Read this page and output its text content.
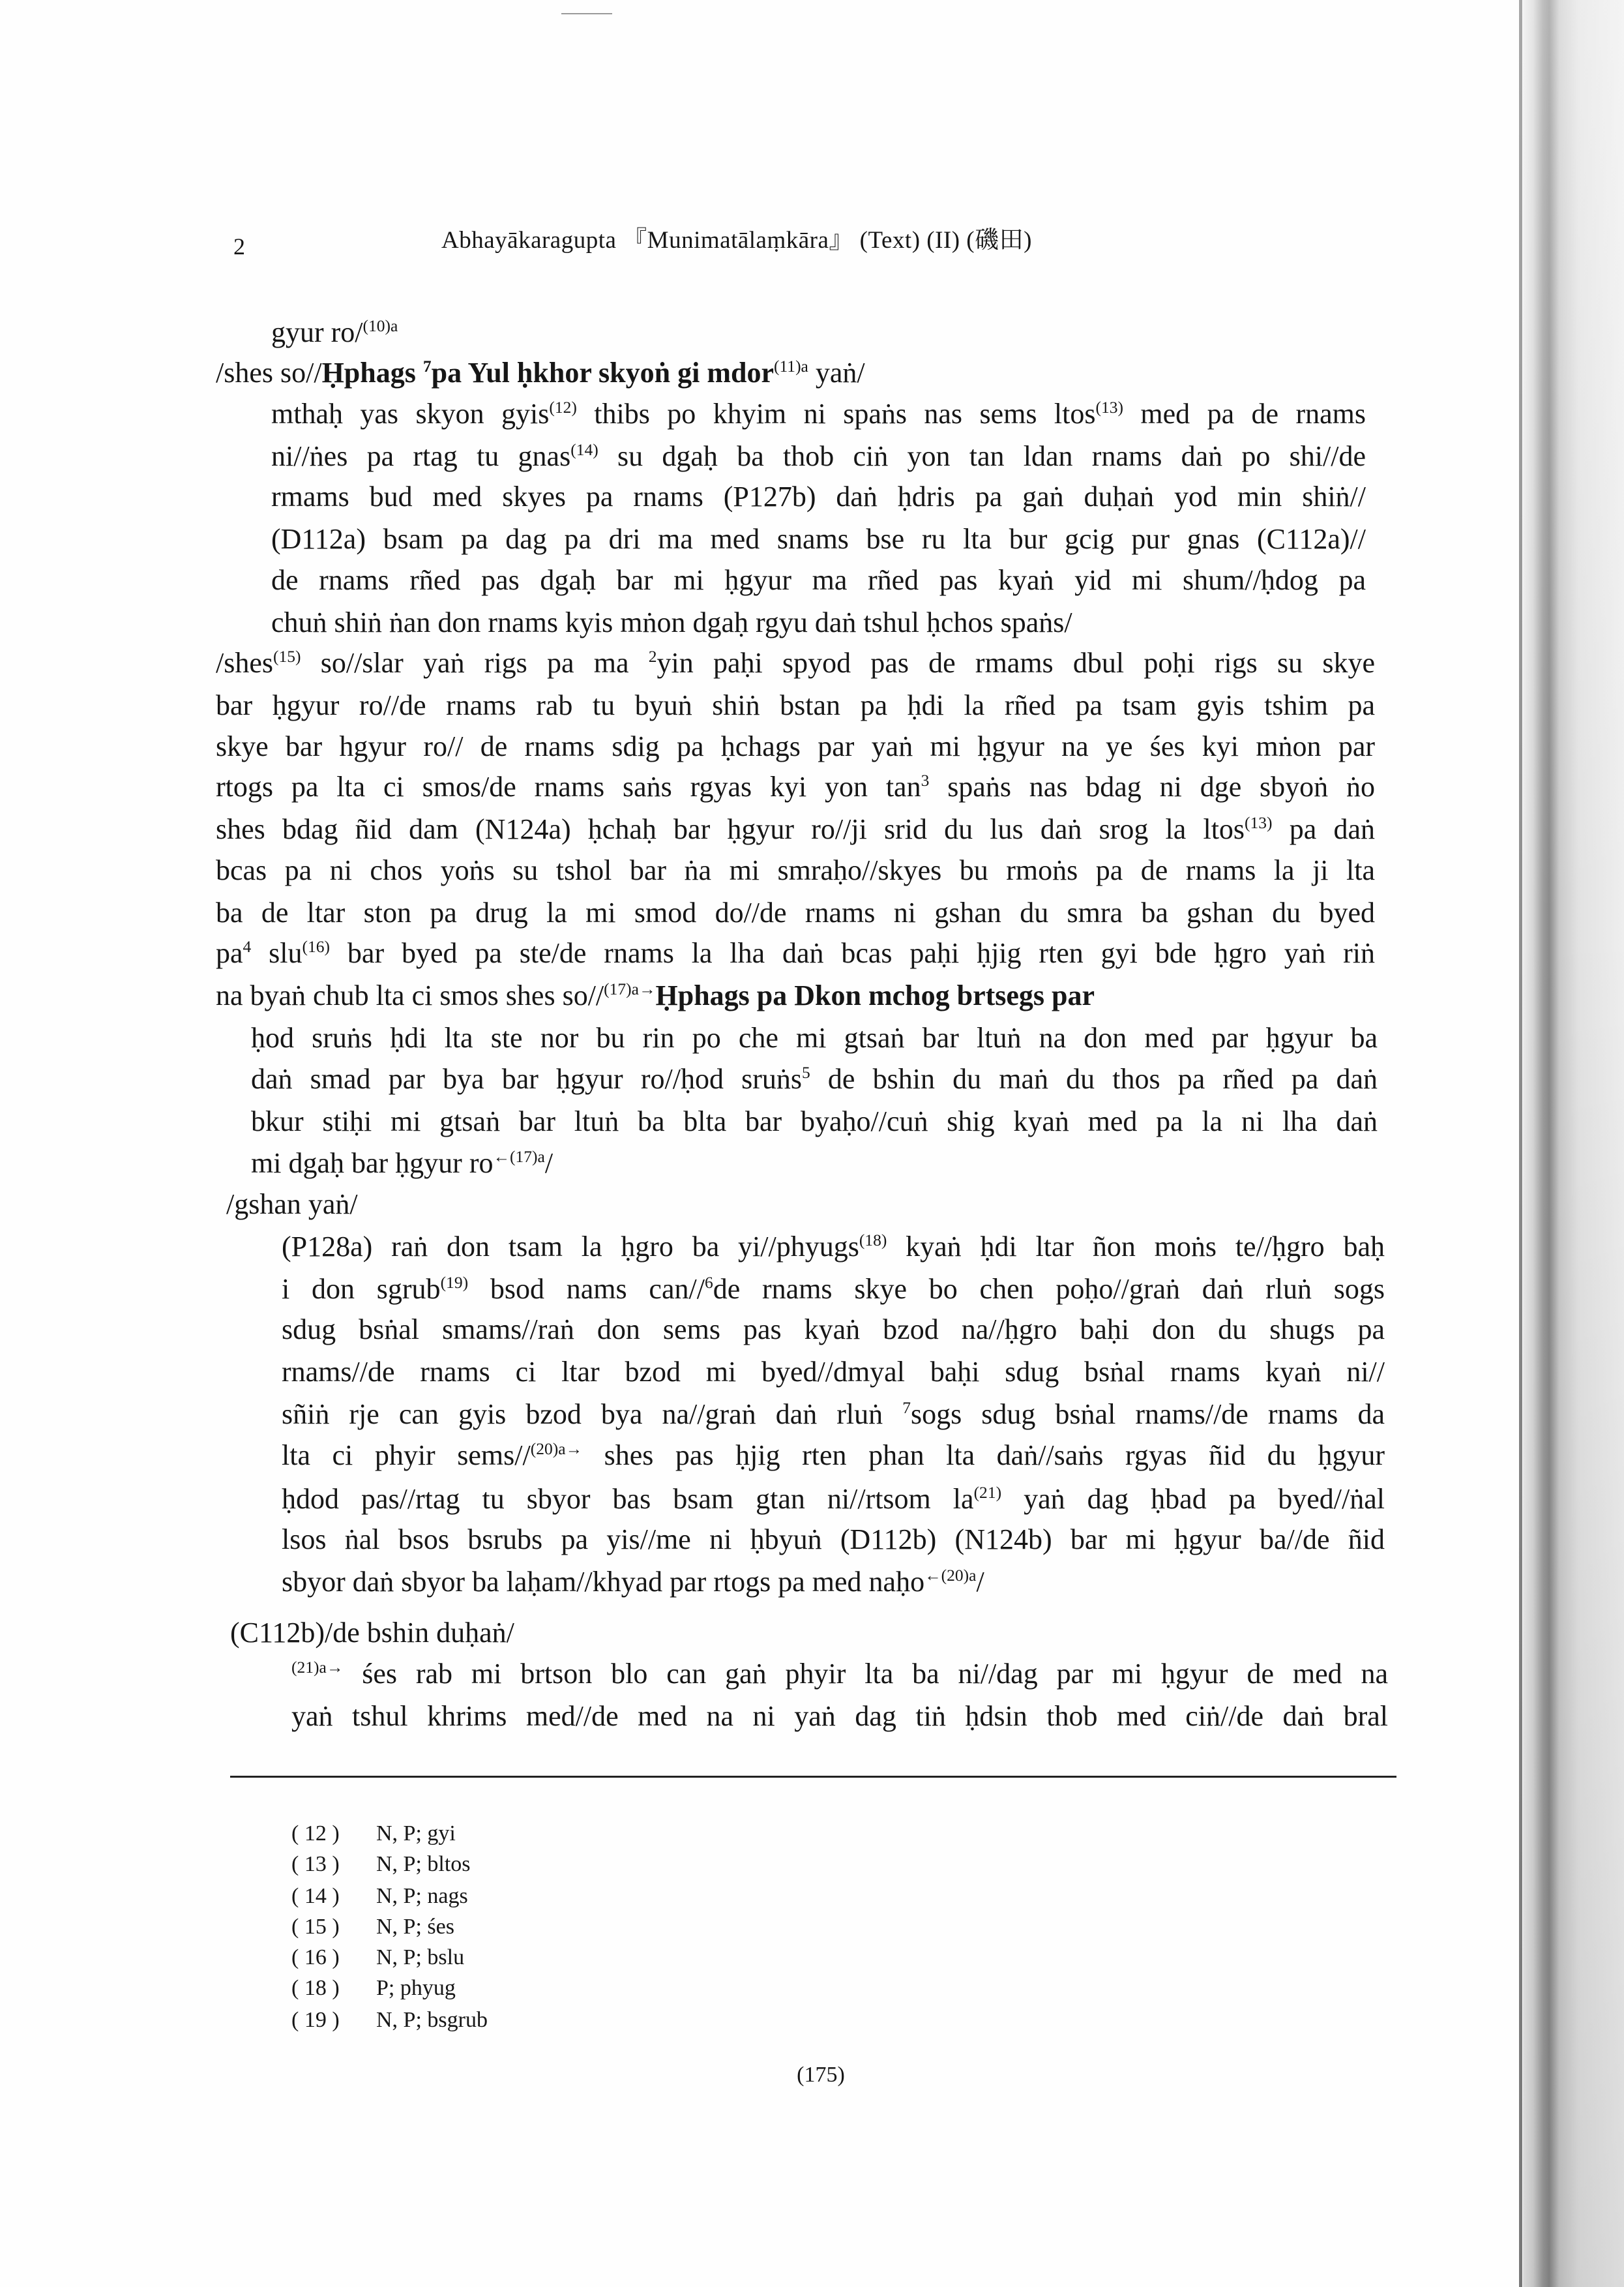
2	Abhayākaragupta 『Munimatālaṃkāra』 (Text) (II) (磯田)
gyur ro/$^{(10)a}$
/shes so//Ḥphags $^7$pa Yul ḥkhor skyoṅ gi mdor$^{(11)a}$ yaṅ/
mthaḥ yas skyon gyis$^{(12)}$ thibs po khyim ni spaṅs nas sems ltos$^{(13)}$ med pa de rnams
ni//ṅes pa rtag tu gnas$^{(14)}$ su dgaḥ ba thob ciṅ yon tan ldan rnams daṅ po shi//de
rmams bud med skyes pa rnams (P127b) daṅ ḥdris pa gaṅ duḥaṅ yod min shiṅ//
(D112a) bsam pa dag pa dri ma med snams bse ru lta bur gcig pur gnas (C112a)//
de rnams rñed pas dgaḥ bar mi ḥgyur ma rñed pas kyaṅ yid mi shum//ḥdog pa
chuṅ shiṅ ṅan don rnams kyis mṅon dgaḥ rgyu daṅ tshul ḥchos spaṅs/
/shes$^{(15)}$ so//slar yaṅ rigs pa ma $^2$yin paḥi spyod pas de rmams dbul poḥi rigs su skye
bar ḥgyur ro//de rnams rab tu byuṅ shiṅ bstan pa ḥdi la rñed pa tsam gyis tshim pa
skye bar hgyur ro// de rnams sdig pa ḥchags par yaṅ mi ḥgyur na ye śes kyi mṅon par
rtogs pa lta ci smos/de rnams saṅs rgyas kyi yon $\tan^3$ spaṅs nas bdag ni dge sbyoṅ ṅo
shes bdag ñid dam (N124a) ḥchaḥ bar ḥgyur ro//ji srid du lus daṅ srog la ltos$^{(13)}$ pa daṅ
bcas pa ni chos yoṅs su tshol bar ṅa mi smraḥo//skyes bu rmoṅs pa de rnams la ji lta
ba de ltar ston pa drug la mi smod do//de rnams ni gshan du smra ba gshan du byed
$pa^4$ slu$^{(16)}$ bar byed pa ste/de rnams la lha daṅ bcas paḥi ḥjig rten gyi bde ḥgro yaṅ riṅ
na byaṅ chub lta ci smos shes so//$^{(17)a\to}$Ḥphags pa Dkon mchog brtsegs par
ḥod sruṅs ḥdi lta ste nor bu rin po che mi gtsaṅ bar ltuṅ na don med par ḥgyur ba
daṅ smad par bya bar ḥgyur ro//ḥod sruṅs$^5$ de bshin du maṅ du thos pa rñed pa daṅ
bkur stiḥi mi gtsaṅ bar ltuṅ ba blta bar byaḥo//cuṅ shig kyaṅ med pa la ni lha daṅ
mi dgaḥ bar ḥgyur $ro^{\leftarrow(17)a}/$
/gshan yaṅ/
(P128a) raṅ don tsam la ḥgro ba yi//phyugs$^{(18)}$ kyaṅ ḥdi ltar ñon moṅs te//ḥgro baḥ
i don sgrub$^{(19)}$ bsod nams can//$^6$de rnams skye bo chen poḥo//graṅ daṅ rluṅ sogs
sdug bsṅal smams//raṅ don sems pas kyaṅ bzod na//ḥgro baḥi don du shugs pa
rnams//de rnams ci ltar bzod mi byed//dmyal baḥi sdug bsṅal rnams kyaṅ ni//
sñiṅ rje can gyis bzod bya na//graṅ daṅ rluṅ $^7$sogs sdug bsṅal rnams//de rnams da
lta ci phyir sems//$^{(20)a\to}$ shes pas ḥjig rten phan lta daṅ//saṅs rgyas ñid du ḥgyur
ḥdod pas//rtag tu sbyor bas bsam gtan ni//rtsom $la^{(21)}$ yaṅ dag ḥbad pa byed//ṅal
lsos ṅal bsos bsrubs pa yis//me ni ḥbyuṅ (D112b) (N124b) bar mi ḥgyur ba//de ñid
sbyor daṅ sbyor ba laḥam//khyad par rtogs pa med naḥo$^{\leftarrow(20)a}$/
(C112b)/de bshin duḥaṅ/
$^{(21)a\to}$ śes rab mi brtson blo can gaṅ phyir lta ba ni//dag par mi ḥgyur de med na
yaṅ tshul khrims med//de med na ni yaṅ dag tiṅ ḥdsin thob med ciṅ//de daṅ bral
( 12 ) N, P; gyi
( 13 ) N, P; bltos
( 14 ) N, P; nags
( 15 ) N, P; śes
( 16 ) N, P; bslu
( 18 ) P; phyug
( 19 ) N, P; bsgrub
(175)
